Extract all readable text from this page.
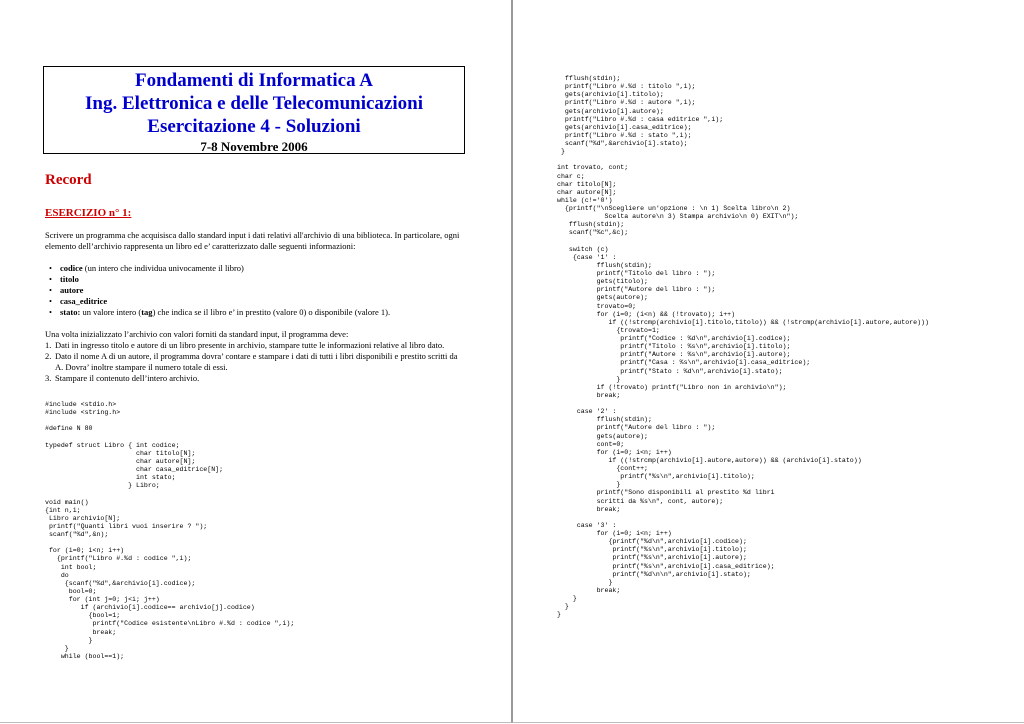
Fondamenti di Informatica A
Ing. Elettronica e delle Telecomunicazioni
Esercitazione 4 - Soluzioni
7-8 Novembre 2006
Record
ESERCIZIO n° 1:
Scrivere un programma che acquisisca dallo standard input i dati relativi all'archivio di una biblioteca. In particolare, ogni elemento dell’archivio rappresenta un libro ed e’ caratterizzato dalle seguenti informazioni:
• codice (un intero che individua univocamente il libro)
• titolo
• autore
• casa_editrice
• stato: un valore intero (tag) che indica se il libro e’ in prestito (valore 0) o disponibile (valore 1).
Una volta inizializzato l’archivio con valori forniti da standard input, il programma deve:
1. Dati in ingresso titolo e autore di un libro presente in archivio, stampare tutte le informazioni relative al libro dato.
2. Dato il nome A di un autore, il programma dovra’ contare e stampare i dati di tutti i libri disponibili e prestito scritti da A. Dovra’ inoltre stampare il numero totale di essi.
3. Stampare il contenuto dell’intero archivio.
#include <stdio.h>
#include <string.h>

#define N 80

typedef struct Libro { int codice;
char titolo[N];
char autore[N];
char casa_editrice[N];
int stato;
} Libro;

void main()
{int n,i;
Libro archivio[N];
printf("Quanti libri vuoi inserire ? ");
scanf("%d",&n);

for (i=0; i<n; i++)
{printf("Libro #.%d : codice ",i);
int bool;
do
{scanf("%d",&archivio[i].codice);
bool=0;
for (int j=0; j<i; j++)
if (archivio[i].codice== archivio[j].codice)
{bool=1;
printf("Codice esistente\nLibro #.%d : codice ",i);
break;
}
}
while (bool==1);
fflush(stdin);
printf("Libro #.%d : titolo ",i);
gets(archivio[i].titolo);
printf("Libro #.%d : autore ",i);
gets(archivio[i].autore);
printf("Libro #.%d : casa editrice ",i);
gets(archivio[i].casa_editrice);
printf("Libro #.%d : stato ",i);
scanf("%d",&archivio[i].stato);
}

int trovato, cont;
char c;
char titolo[N];
char autore[N];
while (c!='0')
{printf("\nScegliere un'opzione : \n 1) Scelta libro\n 2)
Scelta autore\n 3) Stampa archivio\n 0) EXIT\n");
fflush(stdin);
scanf("%c",&c);

switch (c)
{case '1' :
fflush(stdin);
printf("Titolo del libro : ");
gets(titolo);
printf("Autore del libro : ");
gets(autore);
trovato=0;
for (i=0; (i<n) && (!trovato); i++)
if ((!strcmp(archivio[i].titolo,titolo)) && (!strcmp(archivio[i].autore,autore)))
{trovato=1;
printf("Codice : %d\n",archivio[i].codice);
printf("Titolo : %s\n",archivio[i].titolo);
printf("Autore : %s\n",archivio[i].autore);
printf("Casa : %s\n",archivio[i].casa_editrice);
printf("Stato : %d\n",archivio[i].stato);
}
if (!trovato) printf("Libro non in archivio\n");
break;

case '2' :
fflush(stdin);
printf("Autore del libro : ");
gets(autore);
cont=0;
for (i=0; i<n; i++)
if ((!strcmp(archivio[i].autore,autore)) && (archivio[i].stato))
{cont++;
printf("%s\n",archivio[i].titolo);
}
printf("Sono disponibili al prestito %d libri
scritti da %s\n", cont, autore);
break;

case '3' :
for (i=0; i<n; i++)
{printf("%d\n",archivio[i].codice);
printf("%s\n",archivio[i].titolo);
printf("%s\n",archivio[i].autore);
printf("%s\n",archivio[i].casa_editrice);
printf("%d\n\n",archivio[i].stato);
}
break;
}
}
}
